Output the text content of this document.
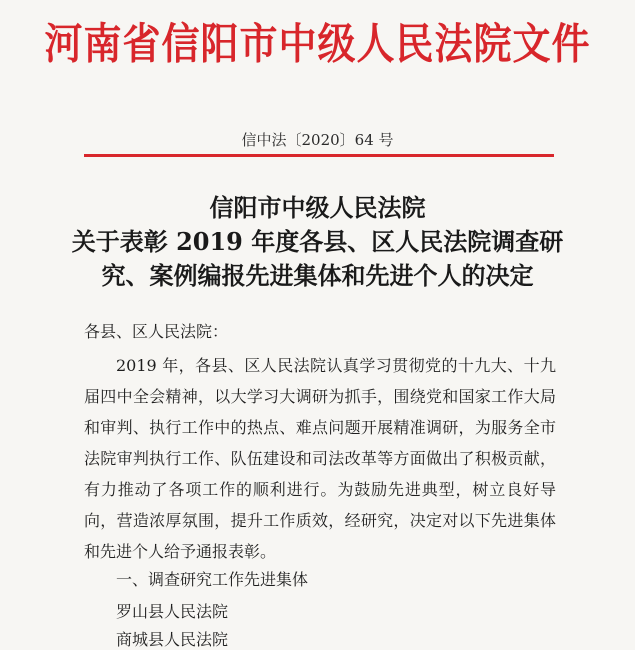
河南省信阳市中级人民法院文件
信中法〔2020〕64 号
信阳市中级人民法院
关于表彰 2019 年度各县、区人民法院调查研
究、案例编报先进集体和先进个人的决定
各县、区人民法院：

2019 年，各县、区人民法院认真学习贯彻党的十九大、十九届四中全会精神，以大学习大调研为抓手，围绕党和国家工作大局和审判、执行工作中的热点、难点问题开展精准调研，为服务全市法院审判执行工作、队伍建设和司法改革等方面做出了积极贡献，有力推动了各项工作的顺利进行。为鼓励先进典型，树立良好导向，营造浓厚氛围，提升工作质效，经研究，决定对以下先进集体和先进个人给予通报表彰。

一、调查研究工作先进集体
罗山县人民法院
商城县人民法院
